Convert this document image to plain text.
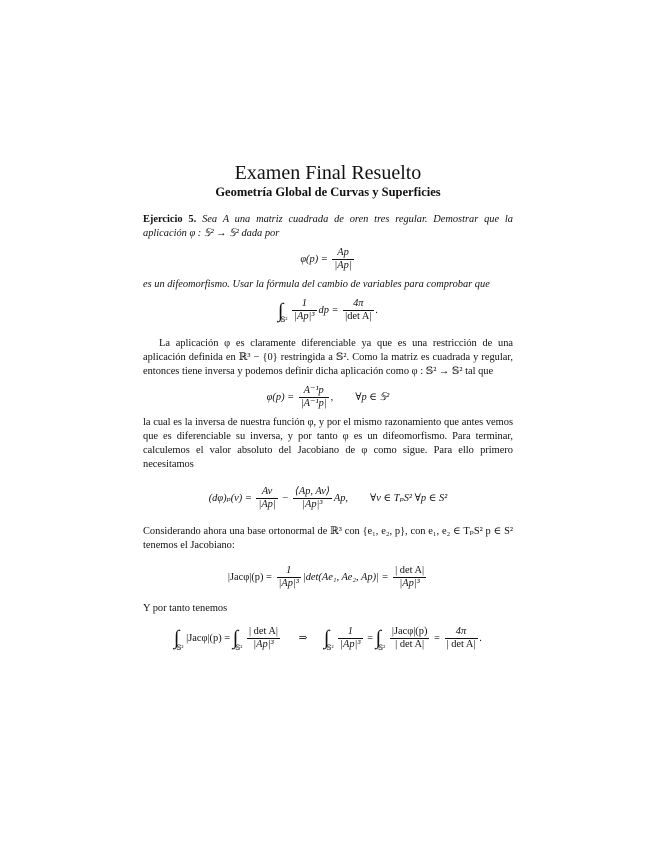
Examen Final Resuelto
Geometría Global de Curvas y Superficies

Ejercicio 5. Sea A una matriz cuadrada de oren tres regular. Demostrar que la aplicación φ : 𝕊² → 𝕊² dada por

$\varphi(p) = \frac{Ap}{|Ap|}$

es un difeomorfismo. Usar la fórmula del cambio de variables para comprobar que

$\int_{𝕊^2} \frac{1}{\text{|Ap|³}}$ dp = $\frac{4\pi}{\text{|det A|}}$ .

La aplicación φ es claramente diferenciable ya que es una restricción de una aplicación definida en ℝ³ − {0} restringida a 𝕊². Como la matriz es cuadrada y regular, entonces tiene inversa y podemos definir dicha aplicación como φ : 𝕊² → 𝕊² tal que

$\varphi(p) = \frac{\text{A⁻¹p}}{\text{|A⁻¹p|}}$ , ∀p ∈ 𝕊²

la cual es la inversa de nuestra función φ, y por el mismo razonamiento que antes vemos que es diferenciable su inversa, y por tanto φ es un difeomorfismo. Para terminar, calculemos el valor absoluto del Jacobiano de φ como sigue. Para ello primero necesitamos

$(d\varphi)_p(v) = \frac{Av}{|Ap|} - \frac{⟨Ap, Av⟩}{\text{|Ap|³}} Ap$, ∀v ∈ TₚS² ∀p ∈ S²

Considerando ahora una base ortonormal de ℝ³ con {e₁, e₂, p}, con e₁, e₂ ∈ TₚS² p ∈ S² tenemos el Jacobiano:

$|Jac\varphi|(p) = \frac{1}{\text{|Ap|³}} |\det(Ae_1$, Ae₂, $Ap)| = \frac{\text{| det A|}}{\text{|Ap|³}}$

Y por tanto tenemos

$\int_{𝕊^2}$ $|Jac\varphi|(p) = \int_{𝕊^2} \frac{\text{| det A|}}{\text{|Ap|³}}$ ⇒ $\int_{𝕊^2} \frac{1}{\text{|Ap|³}} = \int_{𝕊^2} \frac{\text{|Jacφ|(p)}}{\text{| det A|}} = \frac{4\pi}{\text{| det A|}}$ .
